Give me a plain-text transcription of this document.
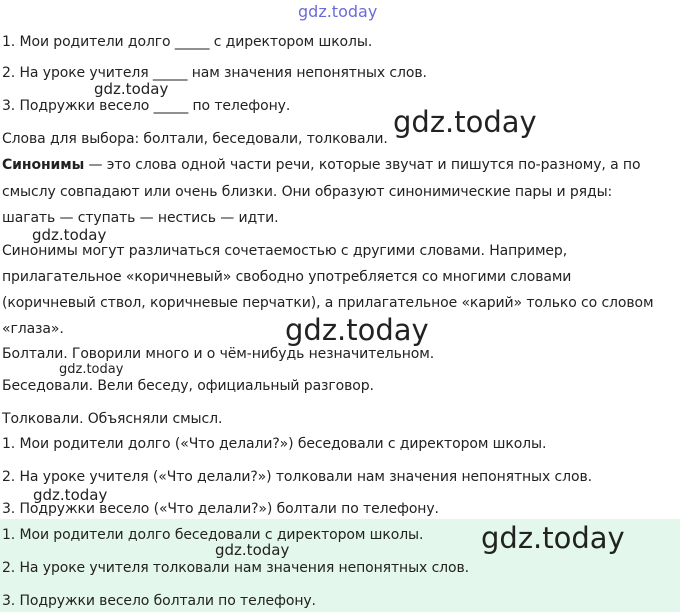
gdz.today
1. Мои родители долго _____ с директором школы.
2. На уроке учителя _____ нам значения непонятных слов.
gdz.today
3. Подружки весело _____ по телефону.
Слова для выбора: болтали, беседовали, толковали. gdz.today
Синонимы — это слова одной части речи, которые звучат и пишутся по-разному, а по
смыслу совпадают или очень близки. Они образуют синонимические пары и ряды:
шагать — ступать — нестись — идти.
gdz.today
Синонимы могут различаться сочетаемостью с другими словами. Например,
прилагательное «коричневый» свободно употребляется со многими словами
(коричневый ствол, коричневые перчатки), а прилагательное «карий» только со словом
«глаза».	gdz.today
Болтали. Говорили много и о чём-нибудь незначительном.
gdz.today
Беседовали. Вели беседу, официальный разговор.
Толковали. Объясняли смысл.
1. Мои родители долго («Что делали?») беседовали с директором школы.
2. На уроке учителя («Что делали?») толковали нам значения непонятных слов.
gdz.today
3. Подружки весело («Что делали?») болтали по телефону.
1. Мои родители долго беседовали с директором школы. gdz.today
gdz.today
2. На уроке учителя толковали нам значения непонятных слов.
3. Подружки весело болтали по телефону.
